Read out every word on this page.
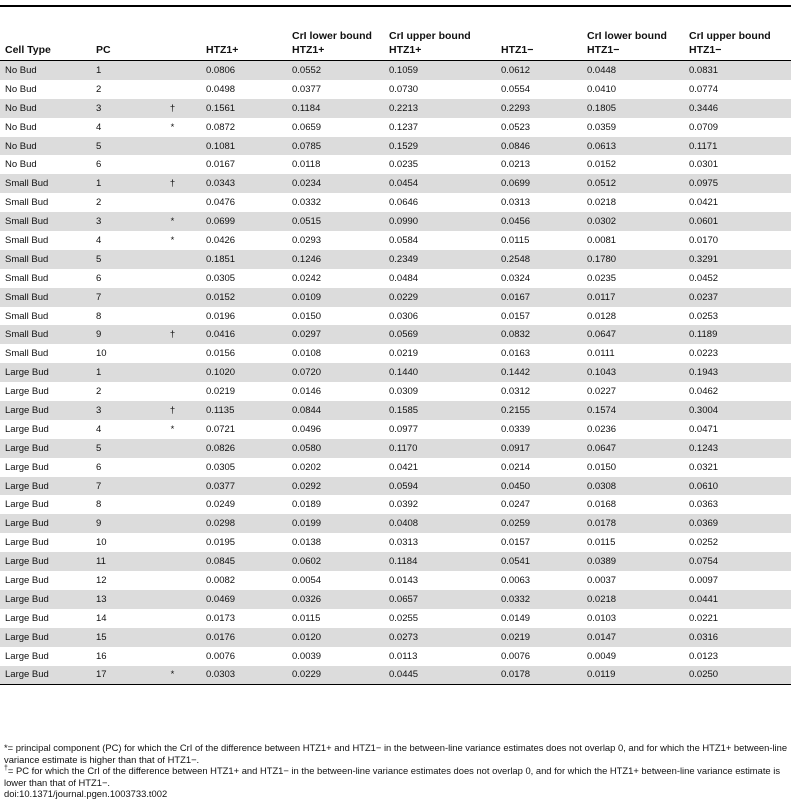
Cell Type	PC		HTZ1+	CrI lower bound HTZ1+	CrI upper bound HTZ1+	HTZ1−	CrI lower bound HTZ1−	CrI upper bound HTZ1−
No Bud	1		0.0806	0.0552	0.1059	0.0612	0.0448	0.0831
No Bud	2		0.0498	0.0377	0.0730	0.0554	0.0410	0.0774
No Bud	3	†	0.1561	0.1184	0.2213	0.2293	0.1805	0.3446
No Bud	4	*	0.0872	0.0659	0.1237	0.0523	0.0359	0.0709
No Bud	5		0.1081	0.0785	0.1529	0.0846	0.0613	0.1171
No Bud	6		0.0167	0.0118	0.0235	0.0213	0.0152	0.0301
Small Bud	1	†	0.0343	0.0234	0.0454	0.0699	0.0512	0.0975
Small Bud	2		0.0476	0.0332	0.0646	0.0313	0.0218	0.0421
Small Bud	3	*	0.0699	0.0515	0.0990	0.0456	0.0302	0.0601
Small Bud	4	*	0.0426	0.0293	0.0584	0.0115	0.0081	0.0170
Small Bud	5		0.1851	0.1246	0.2349	0.2548	0.1780	0.3291
Small Bud	6		0.0305	0.0242	0.0484	0.0324	0.0235	0.0452
Small Bud	7		0.0152	0.0109	0.0229	0.0167	0.0117	0.0237
Small Bud	8		0.0196	0.0150	0.0306	0.0157	0.0128	0.0253
Small Bud	9	†	0.0416	0.0297	0.0569	0.0832	0.0647	0.1189
Small Bud	10		0.0156	0.0108	0.0219	0.0163	0.0111	0.0223
Large Bud	1		0.1020	0.0720	0.1440	0.1442	0.1043	0.1943
Large Bud	2		0.0219	0.0146	0.0309	0.0312	0.0227	0.0462
Large Bud	3	†	0.1135	0.0844	0.1585	0.2155	0.1574	0.3004
Large Bud	4	*	0.0721	0.0496	0.0977	0.0339	0.0236	0.0471
Large Bud	5		0.0826	0.0580	0.1170	0.0917	0.0647	0.1243
Large Bud	6		0.0305	0.0202	0.0421	0.0214	0.0150	0.0321
Large Bud	7		0.0377	0.0292	0.0594	0.0450	0.0308	0.0610
Large Bud	8		0.0249	0.0189	0.0392	0.0247	0.0168	0.0363
Large Bud	9		0.0298	0.0199	0.0408	0.0259	0.0178	0.0369
Large Bud	10		0.0195	0.0138	0.0313	0.0157	0.0115	0.0252
Large Bud	11		0.0845	0.0602	0.1184	0.0541	0.0389	0.0754
Large Bud	12		0.0082	0.0054	0.0143	0.0063	0.0037	0.0097
Large Bud	13		0.0469	0.0326	0.0657	0.0332	0.0218	0.0441
Large Bud	14		0.0173	0.0115	0.0255	0.0149	0.0103	0.0221
Large Bud	15		0.0176	0.0120	0.0273	0.0219	0.0147	0.0316
Large Bud	16		0.0076	0.0039	0.0113	0.0076	0.0049	0.0123
Large Bud	17	*	0.0303	0.0229	0.0445	0.0178	0.0119	0.0250

*= principal component (PC) for which the CrI of the difference between HTZ1+ and HTZ1− in the between-line variance estimates does not overlap 0, and for which the HTZ1+ between-line variance estimate is higher than that of HTZ1−.

†= PC for which the CrI of the difference between HTZ1+ and HTZ1− in the between-line variance estimates does not overlap 0, and for which the HTZ1+ between-line variance estimate is lower than that of HTZ1−.

doi:10.1371/journal.pgen.1003733.t002
